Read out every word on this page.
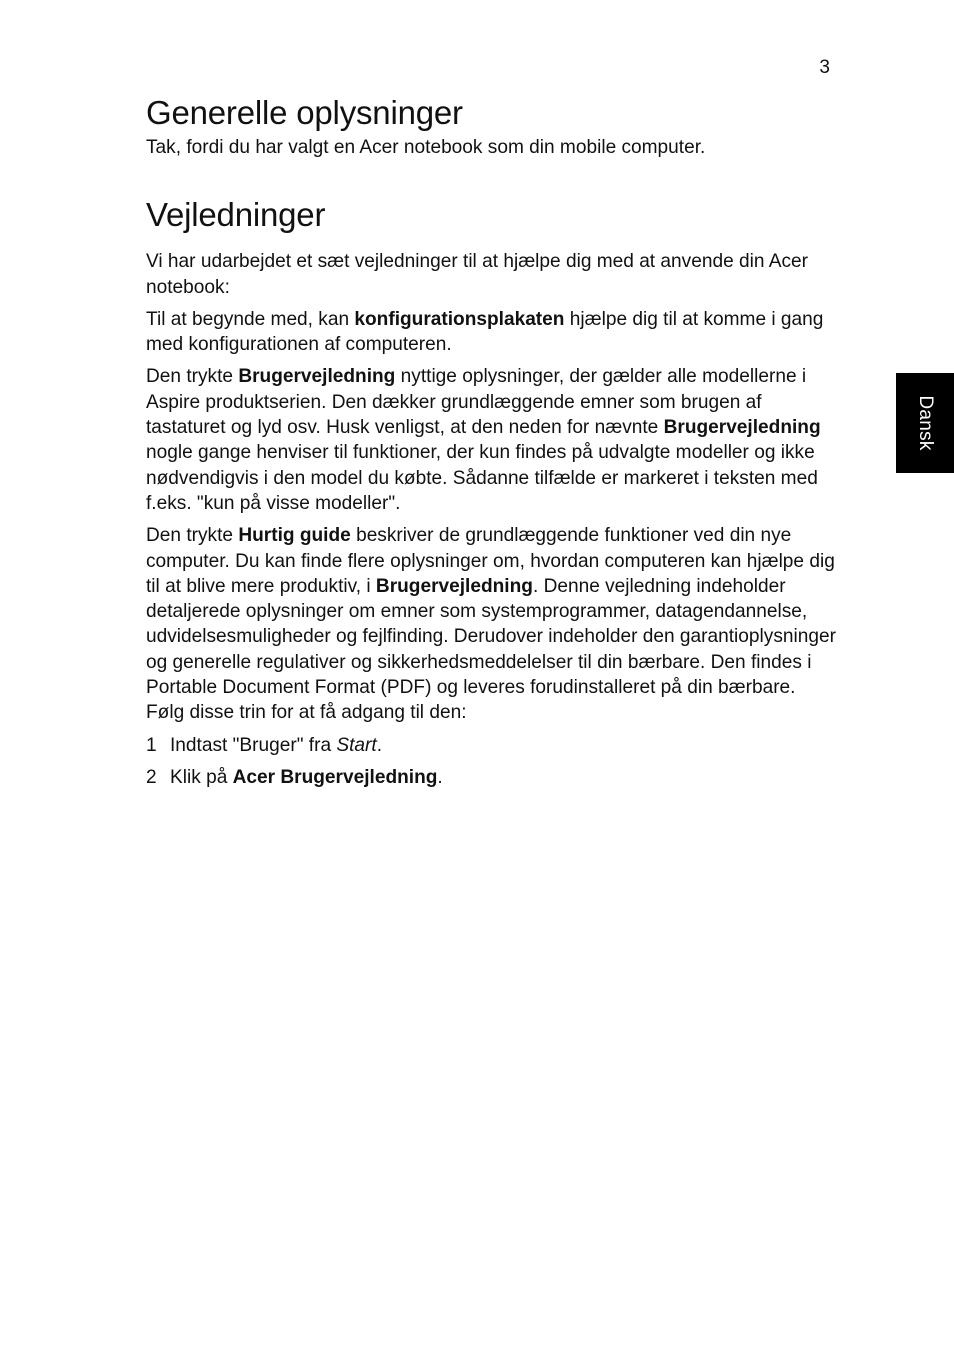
3
Dansk
Generelle oplysninger

Tak, fordi du har valgt en Acer notebook som din mobile computer.

Vejledninger

Vi har udarbejdet et sæt vejledninger til at hjælpe dig med at anvende din Acer notebook:

Til at begynde med, kan konfigurationsplakaten hjælpe dig til at komme i gang med konfigurationen af computeren.

Den trykte Brugervejledning nyttige oplysninger, der gælder alle modellerne i Aspire produktserien. Den dækker grundlæggende emner som brugen af tastaturet og lyd osv. Husk venligst, at den neden for nævnte Brugervejledning nogle gange henviser til funktioner, der kun findes på udvalgte modeller og ikke nødvendigvis i den model du købte. Sådanne tilfælde er markeret i teksten med f.eks. "kun på visse modeller".

Den trykte Hurtig guide beskriver de grundlæggende funktioner ved din nye computer. Du kan finde flere oplysninger om, hvordan computeren kan hjælpe dig til at blive mere produktiv, i Brugervejledning. Denne vejledning indeholder detaljerede oplysninger om emner som systemprogrammer, datagendannelse, udvidelsesmuligheder og fejlfinding. Derudover indeholder den garantioplysninger og generelle regulativer og sikkerhedsmeddelelser til din bærbare. Den findes i Portable Document Format (PDF) og leveres forudinstalleret på din bærbare. Følg disse trin for at få adgang til den:

1 Indtast "Bruger" fra Start.
2 Klik på Acer Brugervejledning.
